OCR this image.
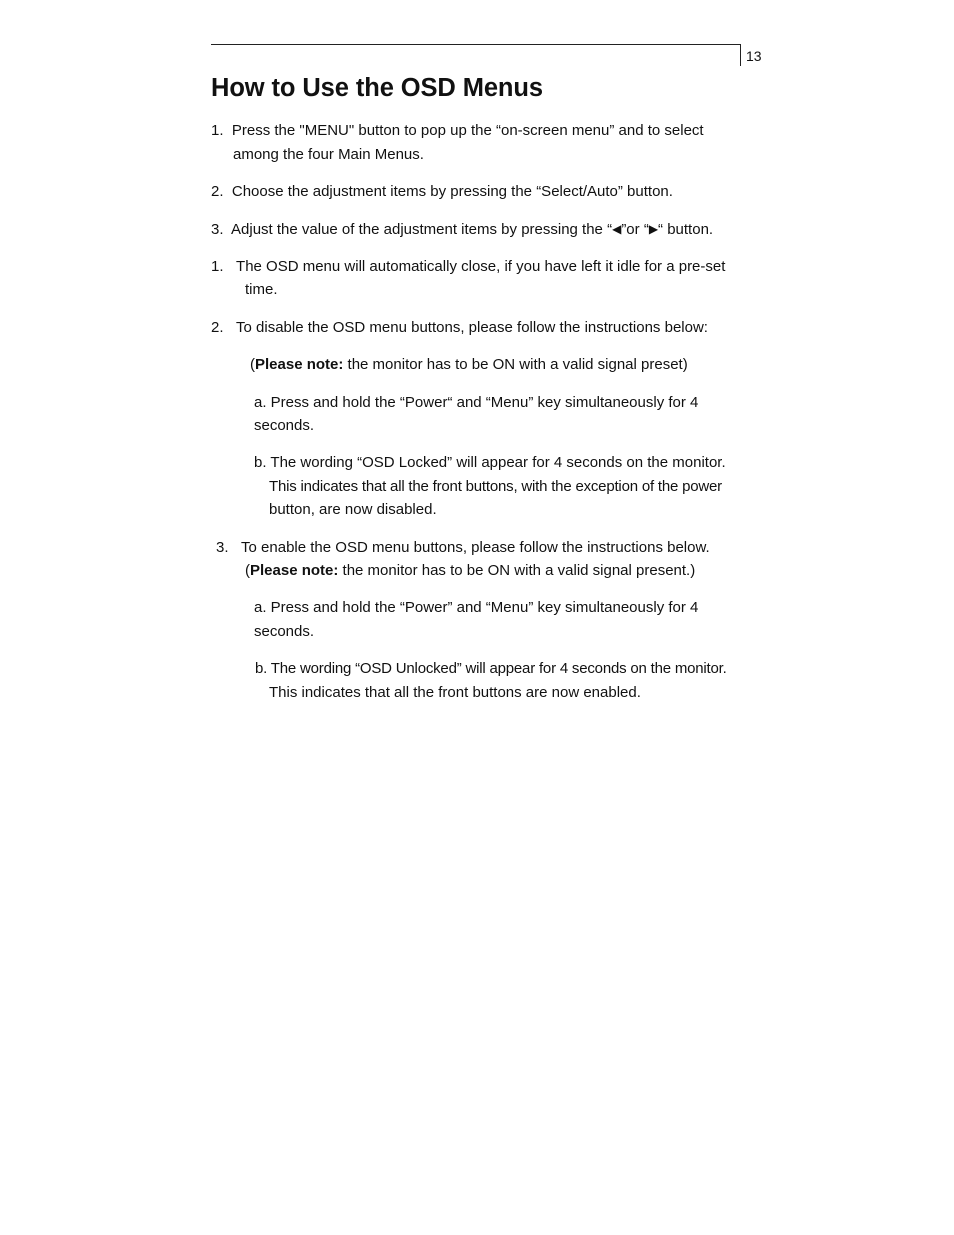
13
How to Use the OSD Menus
1. Press the "MENU" button to pop up the “on-screen menu” and to select
among the four Main Menus.
2. Choose the adjustment items by pressing the “Select/Auto” button.
3. Adjust the value of the adjustment items by pressing the “◀”or “▶“ button.
1. The OSD menu will automatically close, if you have left it idle for a pre-set
time.
2. To disable the OSD menu buttons, please follow the instructions below:
(Please note: the monitor has to be ON with a valid signal preset)
a. Press and hold the “Power“ and “Menu” key simultaneously for 4
seconds.
b. The wording “OSD Locked” will appear for 4 seconds on the monitor.
This indicates that all the front buttons, with the exception of the power
button, are now disabled.
3. To enable the OSD menu buttons, please follow the instructions below.
(Please note: the monitor has to be ON with a valid signal present.)
a. Press and hold the “Power” and “Menu” key simultaneously for 4
seconds.
b. The wording “OSD Unlocked” will appear for 4 seconds on the monitor.
This indicates that all the front buttons are now enabled.
